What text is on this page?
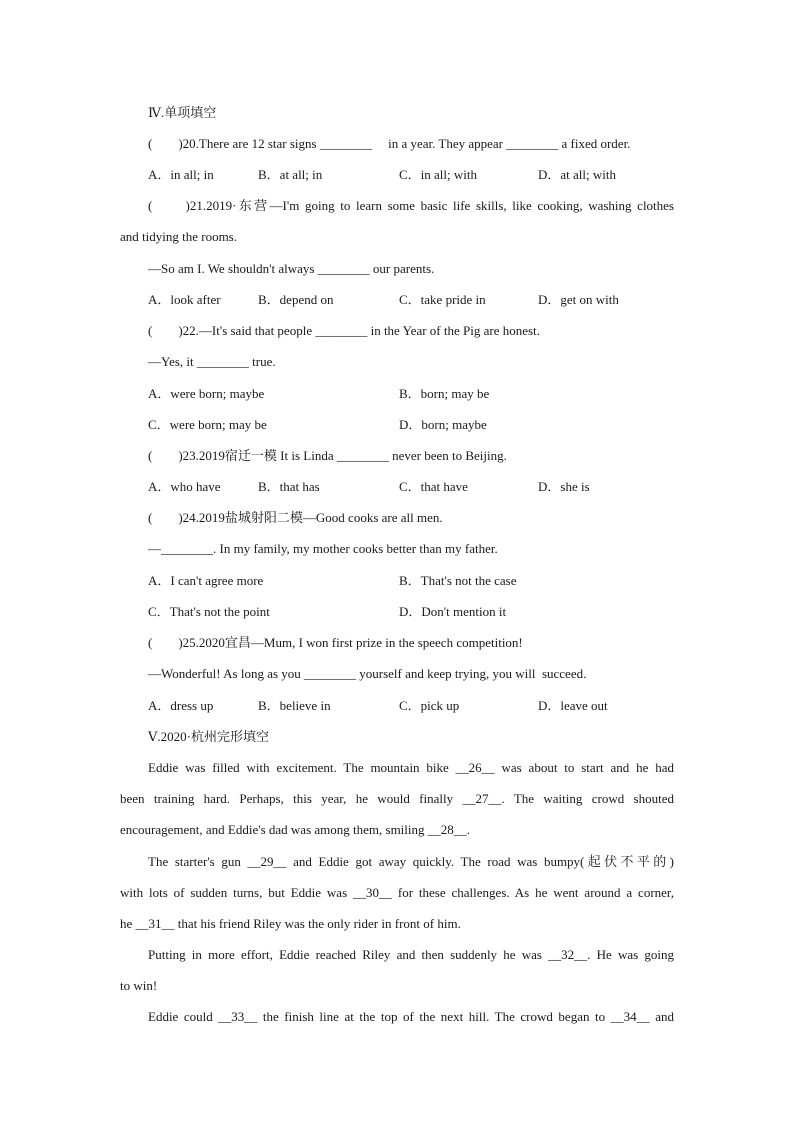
Ⅳ.单项填空
(　　)20.There are 12 star signs ________　 in a year. They appear ________ a fixed order.
A．in all; in	B．at all; in	C．in all; with	D．at all; with
(　　)21.2019·东营—I'm going to learn some basic life skills, like cooking, washing clothes
and tidying the rooms.
—So am I. We shouldn't always ________ our parents.
A．look after	B．depend on	C．take pride in	D．get on with
(　　)22.—It's said that people ________ in the Year of the Pig are honest.
—Yes, it ________ true.
A．were born; maybe	B．born; may be
C．were born; may be	D．born; maybe
(　　)23.2019宿迁一模 It is Linda ________ never been to Beijing.
A．who have	B．that has	C．that have	D．she is
(　　)24.2019盐城射阳二模—Good cooks are all men.
—________. In my family, my mother cooks better than my father.
A．I can't agree more	B．That's not the case
C．That's not the point	D．Don't mention it
(　　)25.2020宜昌—Mum, I won first prize in the speech competition!
—Wonderful! As long as you ________ yourself and keep trying, you will  succeed.
A．dress up	B．believe in	C．pick up	D．leave out
Ⅴ.2020·杭州完形填空
Eddie was filled with excitement. The mountain bike __26__ was about to start and he had
been training hard. Perhaps, this year, he would finally __27__. The waiting crowd shouted
encouragement, and Eddie's dad was among them, smiling __28__.
The starter's gun __29__ and Eddie got away quickly. The road was bumpy(起伏不平的)
with lots of sudden turns, but Eddie was __30__ for these challenges. As he went around a corner,
he __31__ that his friend Riley was the only rider in front of him.
Putting in more effort, Eddie reached Riley and then suddenly he was __32__. He was going
to win!
Eddie could __33__ the finish line at the top of the next hill. The crowd began to __34__ and
